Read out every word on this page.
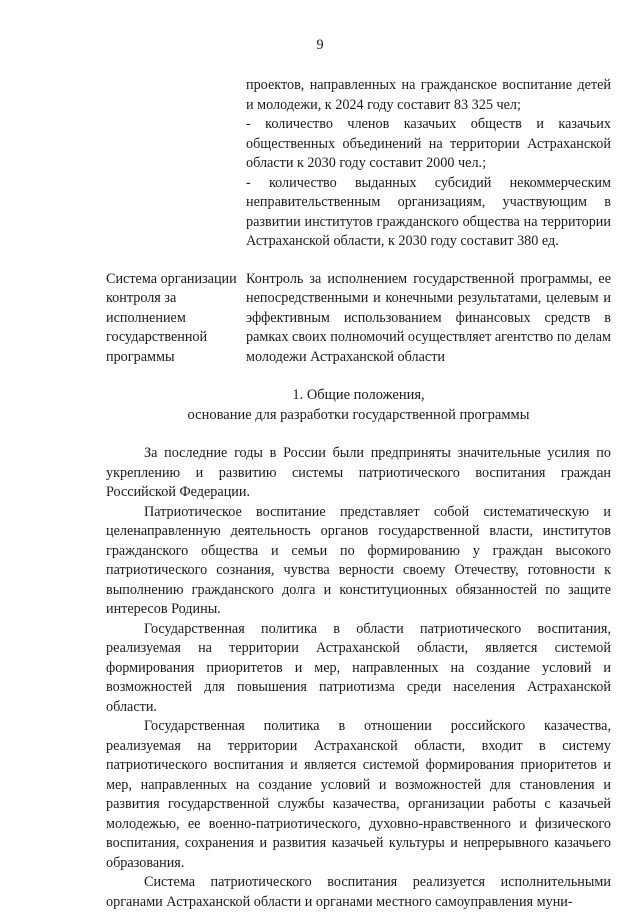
9

проектов, направленных на гражданское воспитание детей и молодежи, к 2024 году составит 83 325 чел;

- количество членов казачьих обществ и казачьих общественных объединений на территории Астраханской области к 2030 году составит 2000 чел.;

- количество выданных субсидий некоммерческим неправительственным организациям, участвующим в развитии институтов гражданского общества на территории Астраханской области, к 2030 году составит 380 ед.

Система организации контроля за исполнением государственной программы

Контроль за исполнением государственной программы, ее непосредственными и конечными результатами, целевым и эффективным использованием финансовых средств в рамках своих полномочий осуществляет агентство по делам молодежи Астраханской области

1. Общие положения,
основание для разработки государственной программы

За последние годы в России были предприняты значительные усилия по укреплению и развитию системы патриотического воспитания граждан Российской Федерации.

Патриотическое воспитание представляет собой систематическую и целенаправленную деятельность органов государственной власти, институтов гражданского общества и семьи по формированию у граждан высокого патриотического сознания, чувства верности своему Отечеству, готовности к выполнению гражданского долга и конституционных обязанностей по защите интересов Родины.

Государственная политика в области патриотического воспитания, реализуемая на территории Астраханской области, является системой формирования приоритетов и мер, направленных на создание условий и возможностей для повышения патриотизма среди населения Астраханской области.

Государственная политика в отношении российского казачества, реализуемая на территории Астраханской области, входит в систему патриотического воспитания и является системой формирования приоритетов и мер, направленных на создание условий и возможностей для становления и развития государственной службы казачества, организации работы с казачьей молодежью, ее военно-патриотического, духовно-нравственного и физического воспитания, сохранения и развития казачьей культуры и непрерывного казачьего образования.

Система патриотического воспитания реализуется исполнительными органами Астраханской области и органами местного самоуправления муни-
